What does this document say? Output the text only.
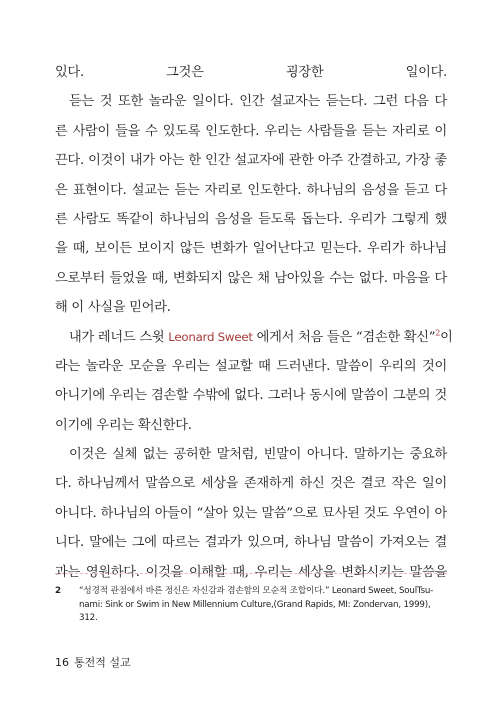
있다. 그것은 굉장한 일이다.
듣는 것 또한 놀라운 일이다. 인간 설교자는 듣는다. 그런 다음 다
른 사람이 들을 수 있도록 인도한다. 우리는 사람들을 듣는 자리로 이
끈다. 이것이 내가 아는 한 인간 설교자에 관한 아주 간결하고, 가장 좋
은 표현이다. 설교는 듣는 자리로 인도한다. 하나님의 음성을 듣고 다
른 사람도 똑같이 하나님의 음성을 듣도록 돕는다. 우리가 그렇게 했
을 때, 보이든 보이지 않든 변화가 일어난다고 믿는다. 우리가 하나님
으로부터 들었을 때, 변화되지 않은 채 남아있을 수는 없다. 마음을 다
해 이 사실을 믿어라.
내가 레너드 스윗 Leonard Sweet 에게서 처음 들은 “겸손한 확신”$^2$이
라는 놀라운 모순을 우리는 설교할 때 드러낸다. 말씀이 우리의 것이
아니기에 우리는 겸손할 수밖에 없다. 그러나 동시에 말씀이 그분의 것
이기에 우리는 확신한다.
이것은 실체 없는 공허한 말처럼, 빈말이 아니다. 말하기는 중요하
다. 하나님께서 말씀으로 세상을 존재하게 하신 것은 결코 작은 일이
아니다. 하나님의 아들이 “살아 있는 말씀”으로 묘사된 것도 우연이 아
니다. 말에는 그에 따르는 결과가 있으며, 하나님 말씀이 가져오는 결
과는 영원하다. 이것을 이해할 때, 우리는 세상을 변화시키는 말씀을
2	“성경적 관점에서 바른 정신은 자신감과 겸손함의 모순적 조합이다.” Leonard Sweet, SoulTsu-
nami: Sink or Swim in New Millennium Culture,(Grand Rapids, MI: Zondervan, 1999),
312.
16 통전적 설교
